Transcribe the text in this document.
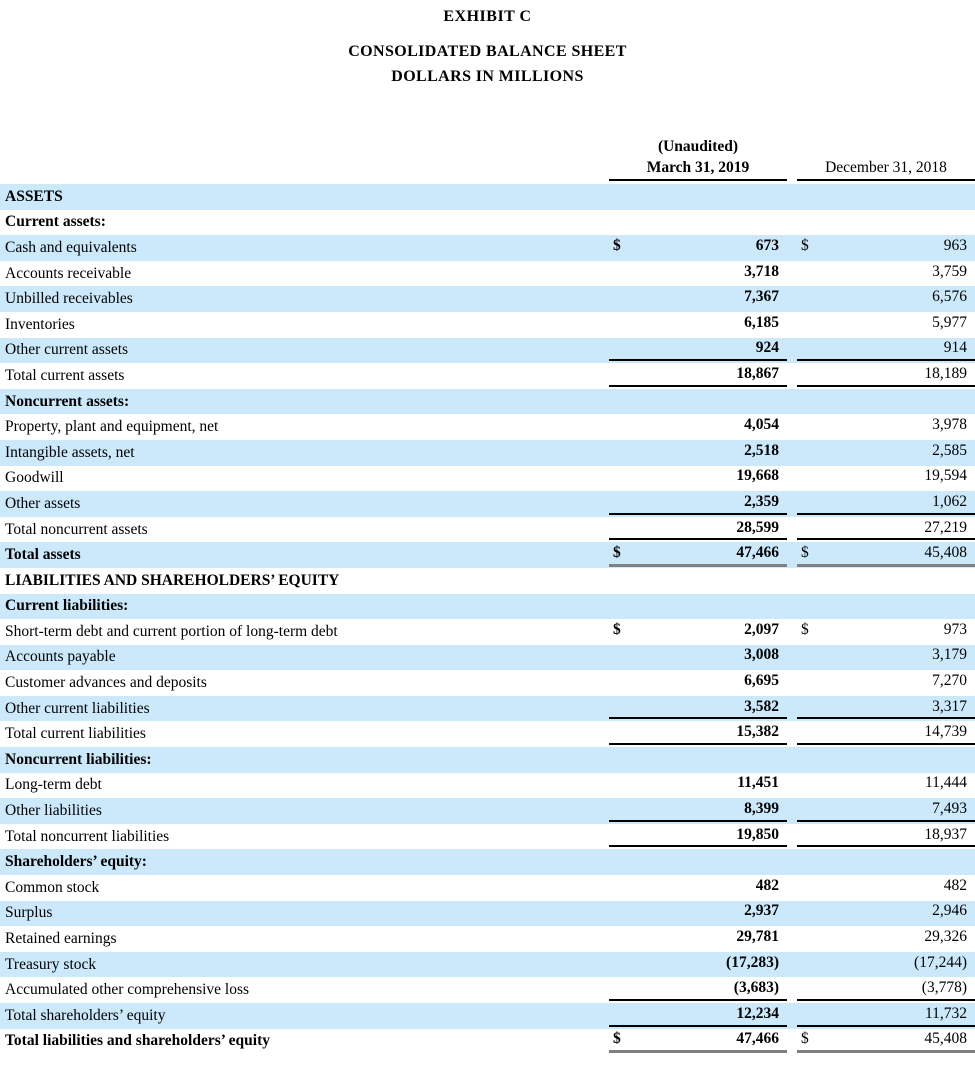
EXHIBIT C
CONSOLIDATED BALANCE SHEET
DOLLARS IN MILLIONS
(Unaudited)
March 31, 2019	December 31, 2018
ASSETS
Current assets:
Cash and equivalents	$	673 $	963
Accounts receivable	3,718	3,759
Unbilled receivables	7,367	6,576
Inventories	6,185	5,977
Other current assets	924	914
Total current assets	18,867	18,189
Noncurrent assets:
Property, plant and equipment, net	4,054	3,978
Intangible assets, net	2,518	2,585
Goodwill	19,668	19,594
Other assets	2,359	1,062
Total noncurrent assets	28,599	27,219
Total assets	$	47,466 $	45,408
LIABILITIES AND SHAREHOLDERS’ EQUITY
Current liabilities:
Short-term debt and current portion of long-term debt	$	2,097 $	973
Accounts payable	3,008	3,179
Customer advances and deposits	6,695	7,270
Other current liabilities	3,582	3,317
Total current liabilities	15,382	14,739
Noncurrent liabilities:
Long-term debt	11,451	11,444
Other liabilities	8,399	7,493
Total noncurrent liabilities	19,850	18,937
Shareholders’ equity:
Common stock	482	482
Surplus	2,937	2,946
Retained earnings	29,781	29,326
Treasury stock	(17,283)	(17,244)
Accumulated other comprehensive loss	(3,683)	(3,778)
Total shareholders’ equity	12,234	11,732
Total liabilities and shareholders’ equity	$	47,466 $	45,408
